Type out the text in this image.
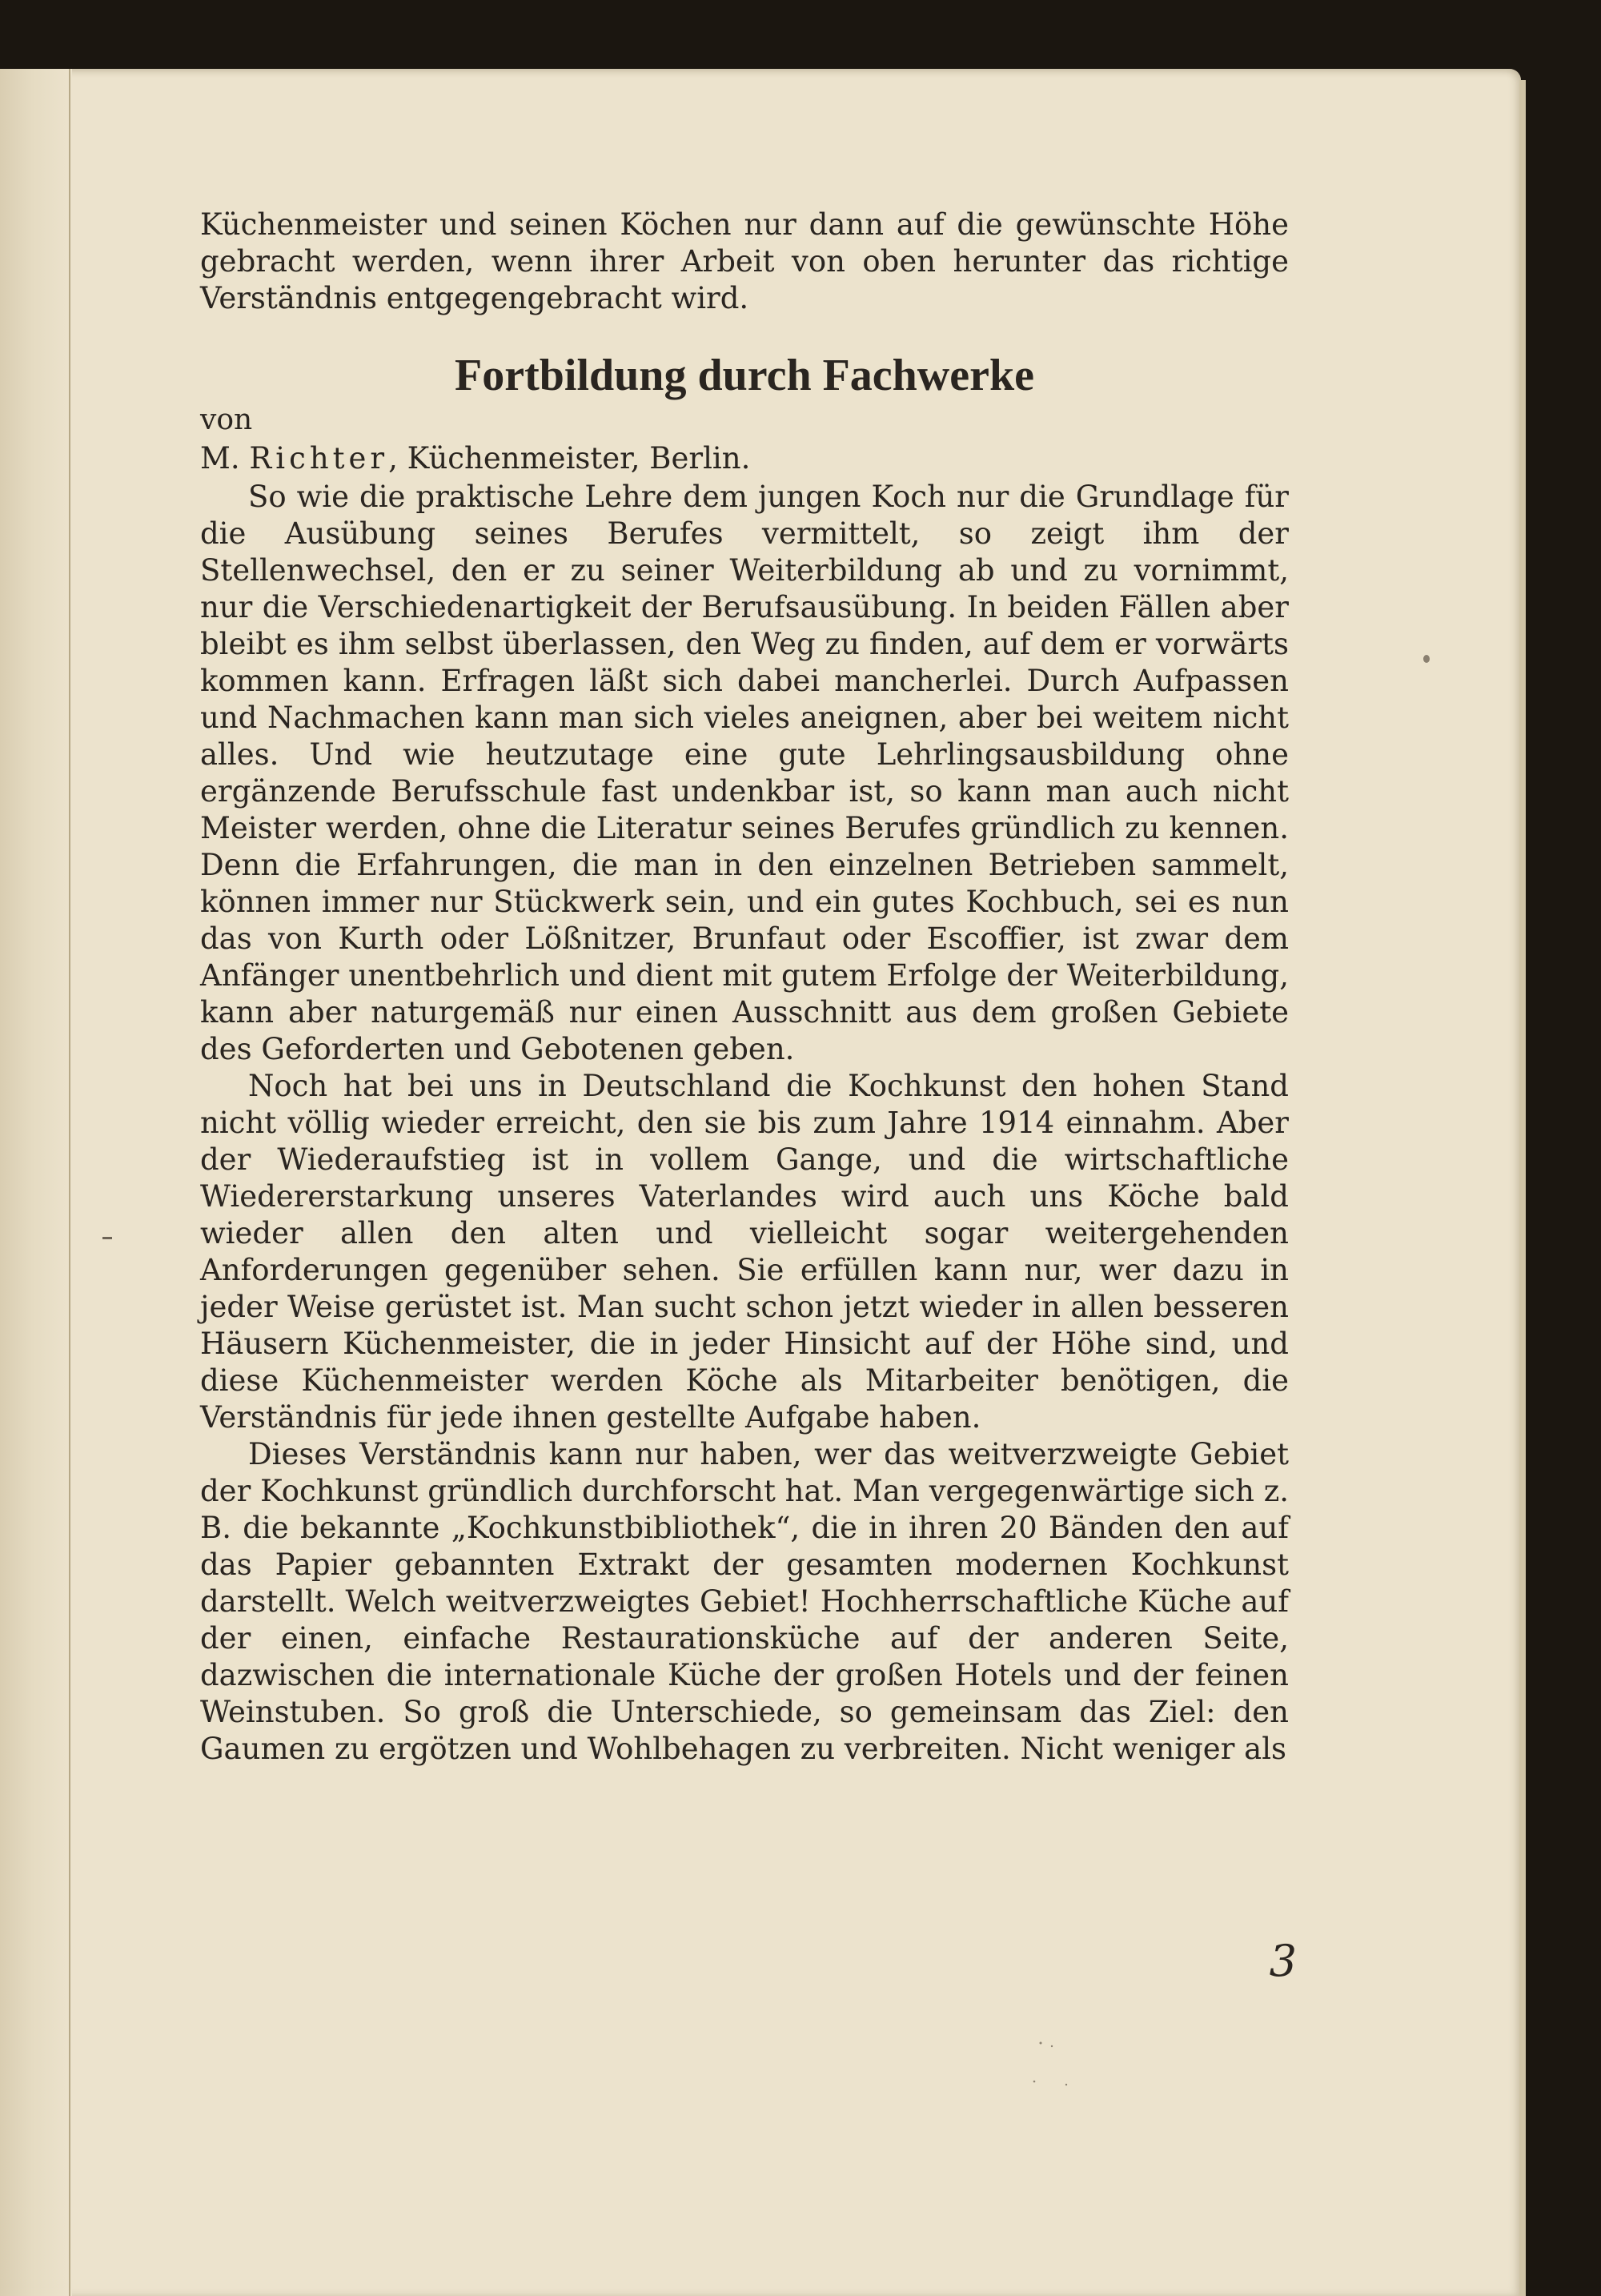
Küchenmeister und seinen Köchen nur dann auf die gewünschte Höhe gebracht werden, wenn ihrer Arbeit von oben herunter das richtige Verständnis entgegengebracht wird.

Fortbildung durch Fachwerke

von

M. Richter, Küchenmeister, Berlin.

So wie die praktische Lehre dem jungen Koch nur die Grundlage für die Ausübung seines Berufes vermittelt, so zeigt ihm der Stellenwechsel, den er zu seiner Weiterbildung ab und zu vornimmt, nur die Verschiedenartigkeit der Berufsausübung. In beiden Fällen aber bleibt es ihm selbst überlassen, den Weg zu finden, auf dem er vorwärts kommen kann. Erfragen läßt sich dabei mancherlei. Durch Aufpassen und Nachmachen kann man sich vieles aneignen, aber bei weitem nicht alles. Und wie heutzutage eine gute Lehrlingsausbildung ohne ergänzende Berufsschule fast undenkbar ist, so kann man auch nicht Meister werden, ohne die Literatur seines Berufes gründlich zu kennen. Denn die Erfahrungen, die man in den einzelnen Betrieben sammelt, können immer nur Stückwerk sein, und ein gutes Kochbuch, sei es nun das von Kurth oder Lößnitzer, Brunfaut oder Escoffier, ist zwar dem Anfänger unentbehrlich und dient mit gutem Erfolge der Weiterbildung, kann aber naturgemäß nur einen Ausschnitt aus dem großen Gebiete des Geforderten und Gebotenen geben.

Noch hat bei uns in Deutschland die Kochkunst den hohen Stand nicht völlig wieder erreicht, den sie bis zum Jahre 1914 einnahm. Aber der Wiederaufstieg ist in vollem Gange, und die wirtschaftliche Wiedererstarkung unseres Vaterlandes wird auch uns Köche bald wieder allen den alten und vielleicht sogar weitergehenden Anforderungen gegenüber sehen. Sie erfüllen kann nur, wer dazu in jeder Weise gerüstet ist. Man sucht schon jetzt wieder in allen besseren Häusern Küchenmeister, die in jeder Hinsicht auf der Höhe sind, und diese Küchenmeister werden Köche als Mitarbeiter benötigen, die Verständnis für jede ihnen gestellte Aufgabe haben.

Dieses Verständnis kann nur haben, wer das weitverzweigte Gebiet der Kochkunst gründlich durchforscht hat. Man vergegenwärtige sich z. B. die bekannte „Kochkunstbibliothek“, die in ihren 20 Bänden den auf das Papier gebannten Extrakt der gesamten modernen Kochkunst darstellt. Welch weitverzweigtes Gebiet! Hochherrschaftliche Küche auf der einen, einfache Restaurationsküche auf der anderen Seite, dazwischen die internationale Küche der großen Hotels und der feinen Weinstuben. So groß die Unterschiede, so gemeinsam das Ziel: den Gaumen zu ergötzen und Wohlbehagen zu verbreiten. Nicht weniger als

3
